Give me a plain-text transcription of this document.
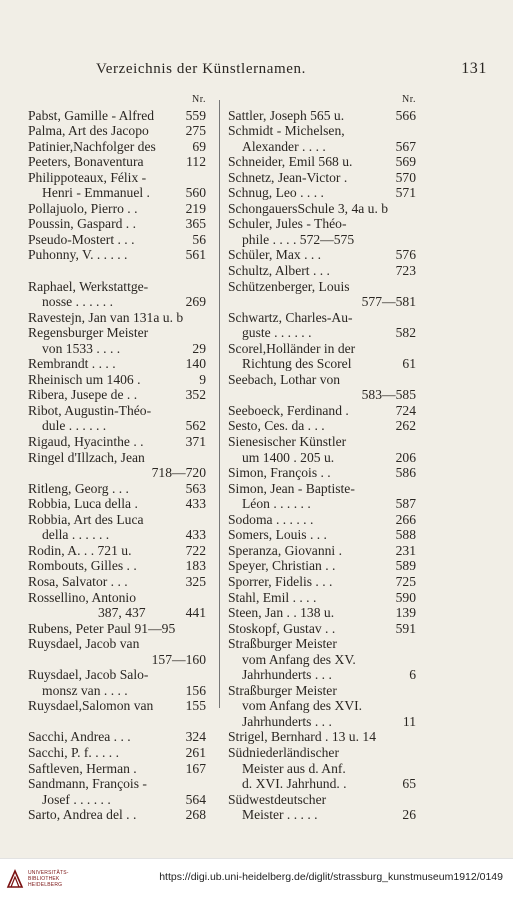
Verzeichnis der Künstlernamen.	131
Nr.
Pabst, Gamille - Alfred 559
Palma, Art des Jacopo	275
Patinier,Nachfolger des	69
Peeters, Bonaventura	112
Philippoteaux, Félix -
Henri - Emmanuel .	560
Pollajuolo, Pierro . .	219
Poussin, Gaspard . .	365
Pseudo-Mostert . . .	56
Puhonny, V. . . . . .	561
Raphael, Werkstattge-
nosse . . . . . .	269
Ravestejn, Jan van 131a u. b
Regensburger Meister
von 1533 . . . .	29
Rembrandt . . . .	140
Rheinisch um 1406 .	9
Ribera, Jusepe de . .	352
Ribot, Augustin-Théo-
dule . . . . . .	562
Rigaud, Hyacinthe . .	371
Ringel d'Illzach, Jean
718—720
Ritleng, Georg . . .	563
Robbia, Luca della .	433
Robbia, Art des Luca
della . . . . . .	433
Rodin, A. . . 721 u.	722
Rombouts, Gilles . .	183
Rosa, Salvator . . .	325
Rossellino, Antonio
387, 437	441
Rubens, Peter Paul 91—95
Ruysdael, Jacob van
157—160
Ruysdael, Jacob Salo-
monsz van . . . .	156
Ruysdael,Salomon van 155
Sacchi, Andrea . . .	324
Sacchi, P. f. . . . .	261
Saftleven, Herman .	167
Sandmann, François -
Josef . . . . . .	564
Sarto, Andrea del . .	268
Nr.
Sattler, Joseph 565 u.	566
Schmidt - Michelsen,
Alexander . . . .	567
Schneider, Emil 568 u.	569
Schnetz, Jean-Victor .	570
Schnug, Leo . . . .	571
SchongauersSchule 3, 4a u. b
Schuler, Jules - Théo-
phile . . . . 572—575
Schüler, Max . . .	576
Schultz, Albert . . .	723
Schützenberger, Louis
577—581
Schwartz, Charles-Au-
guste . . . . . .	582
Scorel,Holländer in der
Richtung des Scorel	61
Seebach, Lothar von
583—585
Seeboeck, Ferdinand .	724
Sesto, Ces. da . . .	262
Sienesischer Künstler
um 1400 . 205 u.	206
Simon, François . .	586
Simon, Jean - Baptiste-
Léon . . . . . .	587
Sodoma . . . . . .	266
Somers, Louis . . .	588
Speranza, Giovanni .	231
Speyer, Christian . .	589
Sporrer, Fidelis . . .	725
Stahl, Emil . . . .	590
Steen, Jan . . 138 u.	139
Stoskopf, Gustav . .	591
Straßburger Meister
vom Anfang des XV.
Jahrhunderts . . .	6
Straßburger Meister
vom Anfang des XVI.
Jahrhunderts . . .	11
Strigel, Bernhard . 13 u. 14
Südniederländischer
Meister aus d. Anf.
d. XVI. Jahrhund. .	65
Südwestdeutscher
Meister . . . . .	26
UNIVERSITÄTS-
BIBLIOTHEK
HEIDELBERG
https://digi.ub.uni-heidelberg.de/diglit/strassburg_kunstmuseum1912/0149
